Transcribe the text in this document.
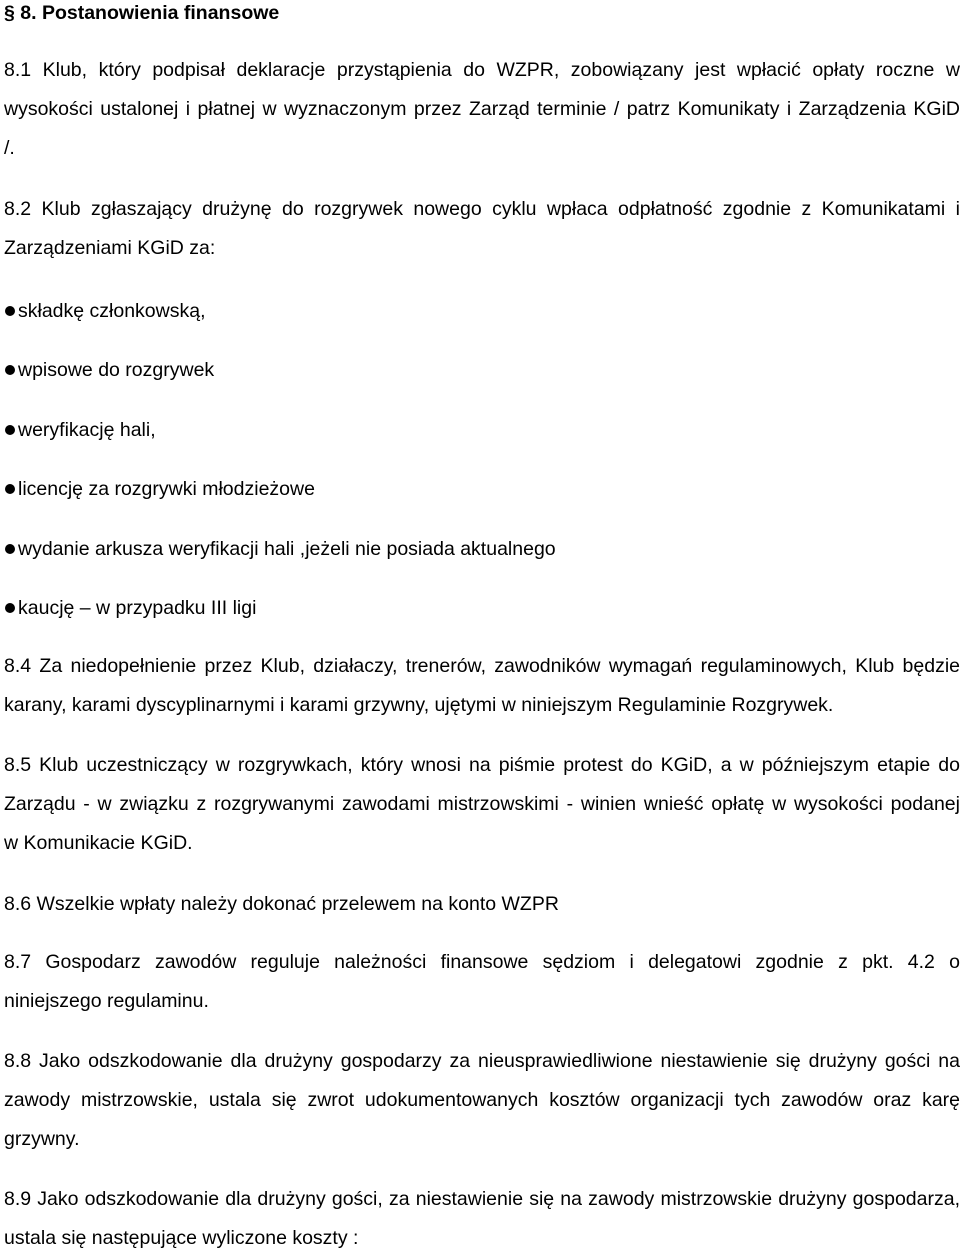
§ 8. Postanowienia finansowe
8.1 Klub, który podpisał deklaracje przystąpienia do WZPR, zobowiązany jest wpłacić opłaty roczne w
wysokości ustalonej i płatnej w wyznaczonym przez Zarząd terminie / patrz Komunikaty i Zarządzenia KGiD
/.
8.2 Klub zgłaszający drużynę do rozgrywek nowego cyklu wpłaca odpłatność zgodnie z Komunikatami i
Zarządzeniami KGiD za:
składkę członkowską,
wpisowe do rozgrywek
weryfikację hali,
licencję za rozgrywki młodzieżowe
wydanie arkusza weryfikacji hali ,jeżeli nie posiada aktualnego
kaucję – w przypadku III ligi
8.4 Za niedopełnienie przez Klub, działaczy, trenerów, zawodników wymagań regulaminowych, Klub będzie
karany, karami dyscyplinarnymi i karami grzywny, ujętymi w niniejszym Regulaminie Rozgrywek.
8.5 Klub uczestniczący w rozgrywkach, który wnosi na piśmie protest do KGiD, a w późniejszym etapie do
Zarządu - w związku z rozgrywanymi zawodami mistrzowskimi - winien wnieść opłatę w wysokości podanej
w Komunikacie KGiD.
8.6 Wszelkie wpłaty należy dokonać przelewem na konto WZPR
8.7 Gospodarz zawodów reguluje należności finansowe sędziom i delegatowi zgodnie z pkt. 4.2 o
niniejszego regulaminu.
8.8 Jako odszkodowanie dla drużyny gospodarzy za nieusprawiedliwione niestawienie się drużyny gości na
zawody mistrzowskie, ustala się zwrot udokumentowanych kosztów organizacji tych zawodów oraz karę
grzywny.
8.9 Jako odszkodowanie dla drużyny gości, za niestawienie się na zawody mistrzowskie drużyny gospodarza,
ustala się następujące wyliczone koszty :
